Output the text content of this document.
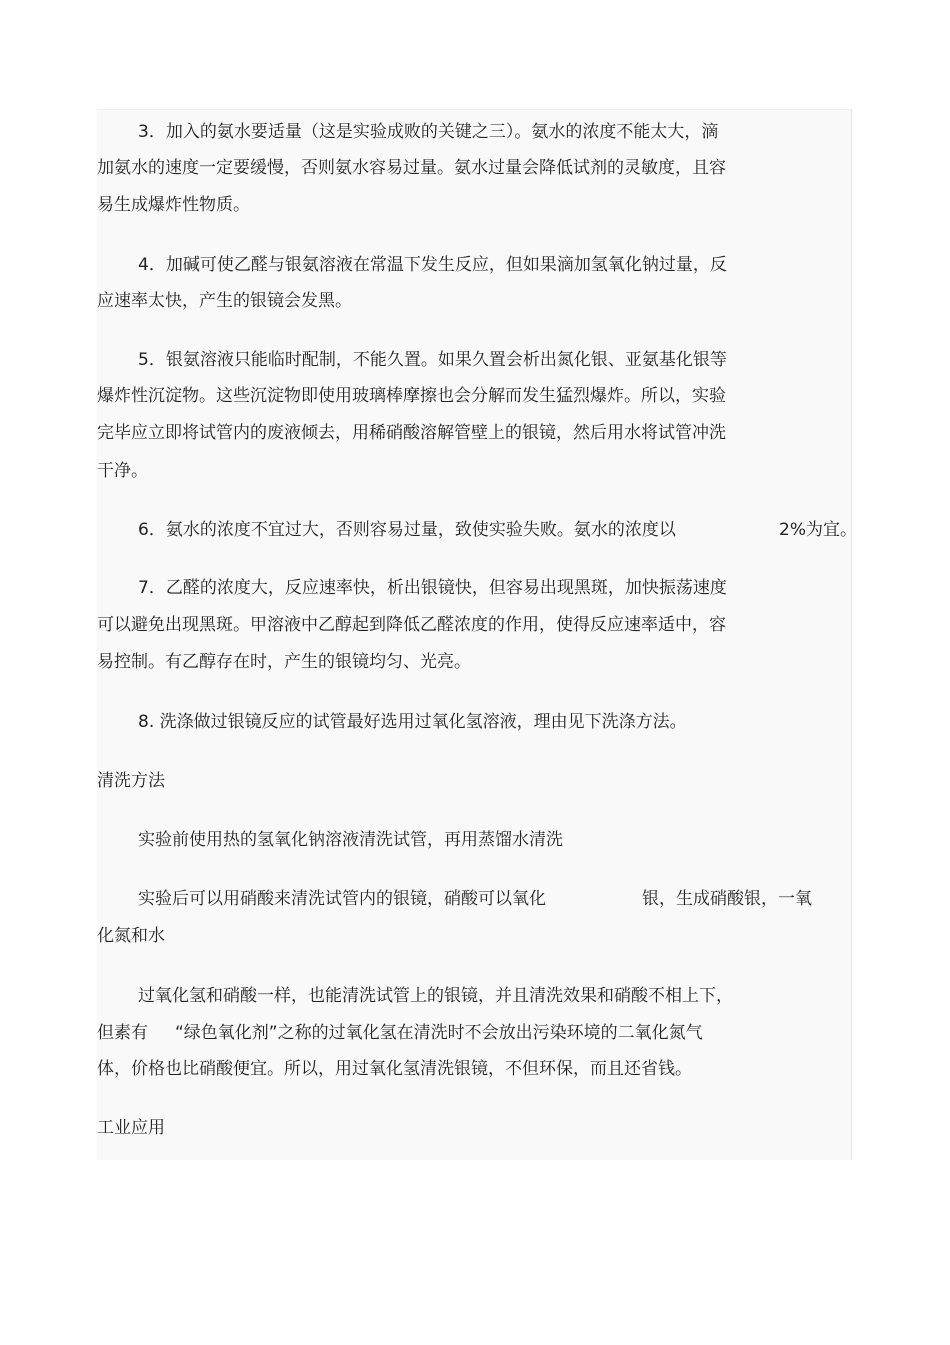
3．加入的氨水要适量（这是实验成败的关键之三）。氨水的浓度不能太大，滴
加氨水的速度一定要缓慢，否则氨水容易过量。氨水过量会降低试剂的灵敏度，且容
易生成爆炸性物质。
4．加碱可使乙醛与银氨溶液在常温下发生反应，但如果滴加氢氧化钠过量，反
应速率太快，产生的银镜会发黑。
5．银氨溶液只能临时配制，不能久置。如果久置会析出氮化银、亚氨基化银等
爆炸性沉淀物。这些沉淀物即使用玻璃棒摩擦也会分解而发生猛烈爆炸。所以，实验
完毕应立即将试管内的废液倾去，用稀硝酸溶解管壁上的银镜，然后用水将试管冲洗
干净。
6．氨水的浓度不宜过大，否则容易过量，致使实验失败。氨水的浓度以	2%为宜。
7．乙醛的浓度大，反应速率快，析出银镜快，但容易出现黑斑，加快振荡速度
可以避免出现黑斑。甲溶液中乙醇起到降低乙醛浓度的作用，使得反应速率适中，容
易控制。有乙醇存在时，产生的银镜均匀、光亮。
8. 洗涤做过银镜反应的试管最好选用过氧化氢溶液，理由见下洗涤方法。
清洗方法
实验前使用热的氢氧化钠溶液清洗试管，再用蒸馏水清洗
实验后可以用硝酸来清洗试管内的银镜，硝酸可以氧化	银，生成硝酸银，一氧
化氮和水
过氧化氢和硝酸一样，也能清洗试管上的银镜，并且清洗效果和硝酸不相上下，
但素有 “绿色氧化剂”之称的过氧化氢在清洗时不会放出污染环境的二氧化氮气
体，价格也比硝酸便宜。所以，用过氧化氢清洗银镜，不但环保，而且还省钱。
工业应用
